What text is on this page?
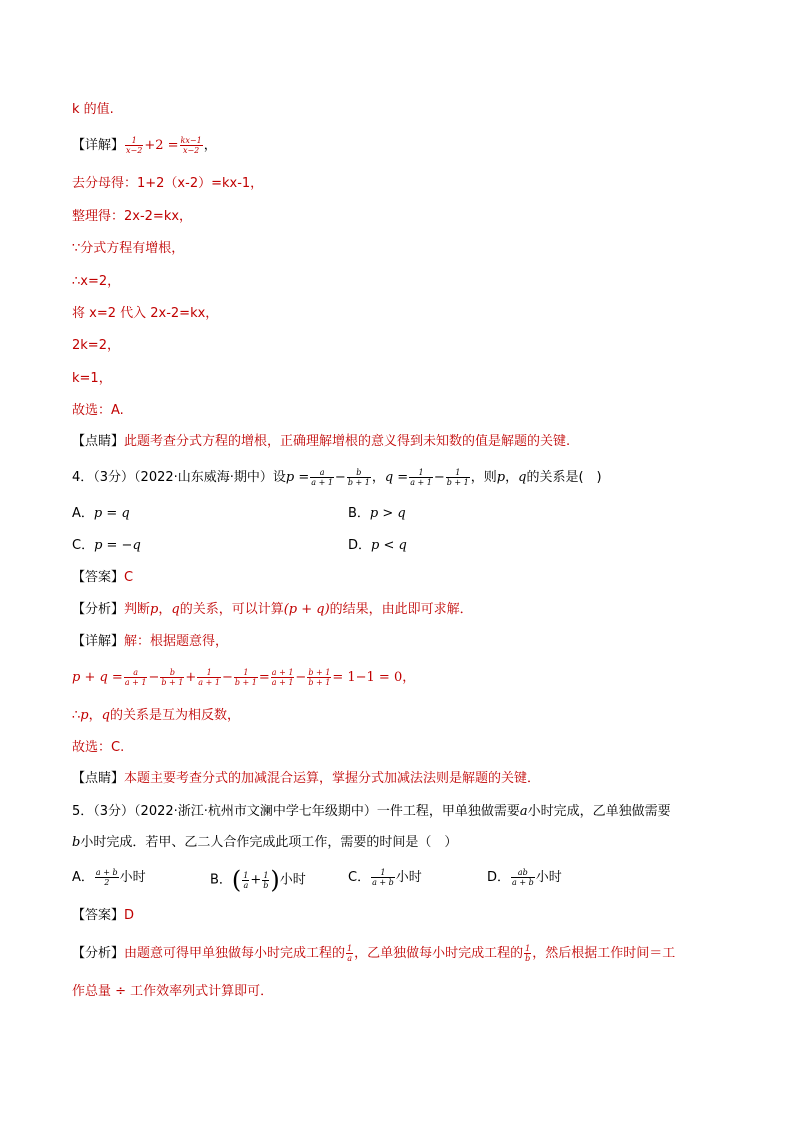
k 的值.
【详解】 $\frac{1}{x-2} +2 = \frac{kx-1}{x-2}$ ，
去分母得：1+2（x-2）=kx-1，
整理得：2x-2=kx，
∵分式方程有增根，
∴x=2，
将 x=2 代入 2x-2=kx，
2k=2，
k=1，
故选：A.
【点睛】此题考查分式方程的增根，正确理解增根的意义得到未知数的值是解题的关键.
4．（3分）（2022·山东威海·期中）设$p = \frac{a}{a + 1} - \frac{b}{b + 1}$ ，$q = \frac{1}{a + 1} - \frac{1}{b + 1}$ ，则p，q的关系是(　)
A．p = q	B．p > q
C．p = −q	D．p < q
【答案】C
【分析】判断p，q的关系，可以计算(p + q)的结果，由此即可求解．
【详解】解：根据题意得，
$p + q = \frac{a}{a + 1} - \frac{b}{b + 1} + \frac{1}{a + 1} - \frac{1}{b + 1} = \frac{a + 1}{a + 1} - \frac{b + 1}{b + 1} = 1-1 = 0$，
∴p，q的关系是互为相反数，
故选：C.
【点睛】本题主要考查分式的加减混合运算，掌握分式加减法法则是解题的关键．
5．（3分）（2022·浙江·杭州市文澜中学七年级期中）一件工程，甲单独做需要a小时完成，乙单独做需要
b小时完成．若甲、乙二人合作完成此项工作，需要的时间是（　）
A． $\frac{a + b}{2}$ 小时	B．( $\frac{1}{a} + \frac{1}{b}$ )小时	C． $\frac{1}{a + b}$ 小时	D． $\frac{ab}{a + b}$ 小时
【答案】D
【分析】由题意可得甲单独做每小时完成工程的 $\frac{1}{a}$ ，乙单独做每小时完成工程的 $\frac{1}{b}$ ，然后根据工作时间＝工
作总量 ÷ 工作效率列式计算即可．
